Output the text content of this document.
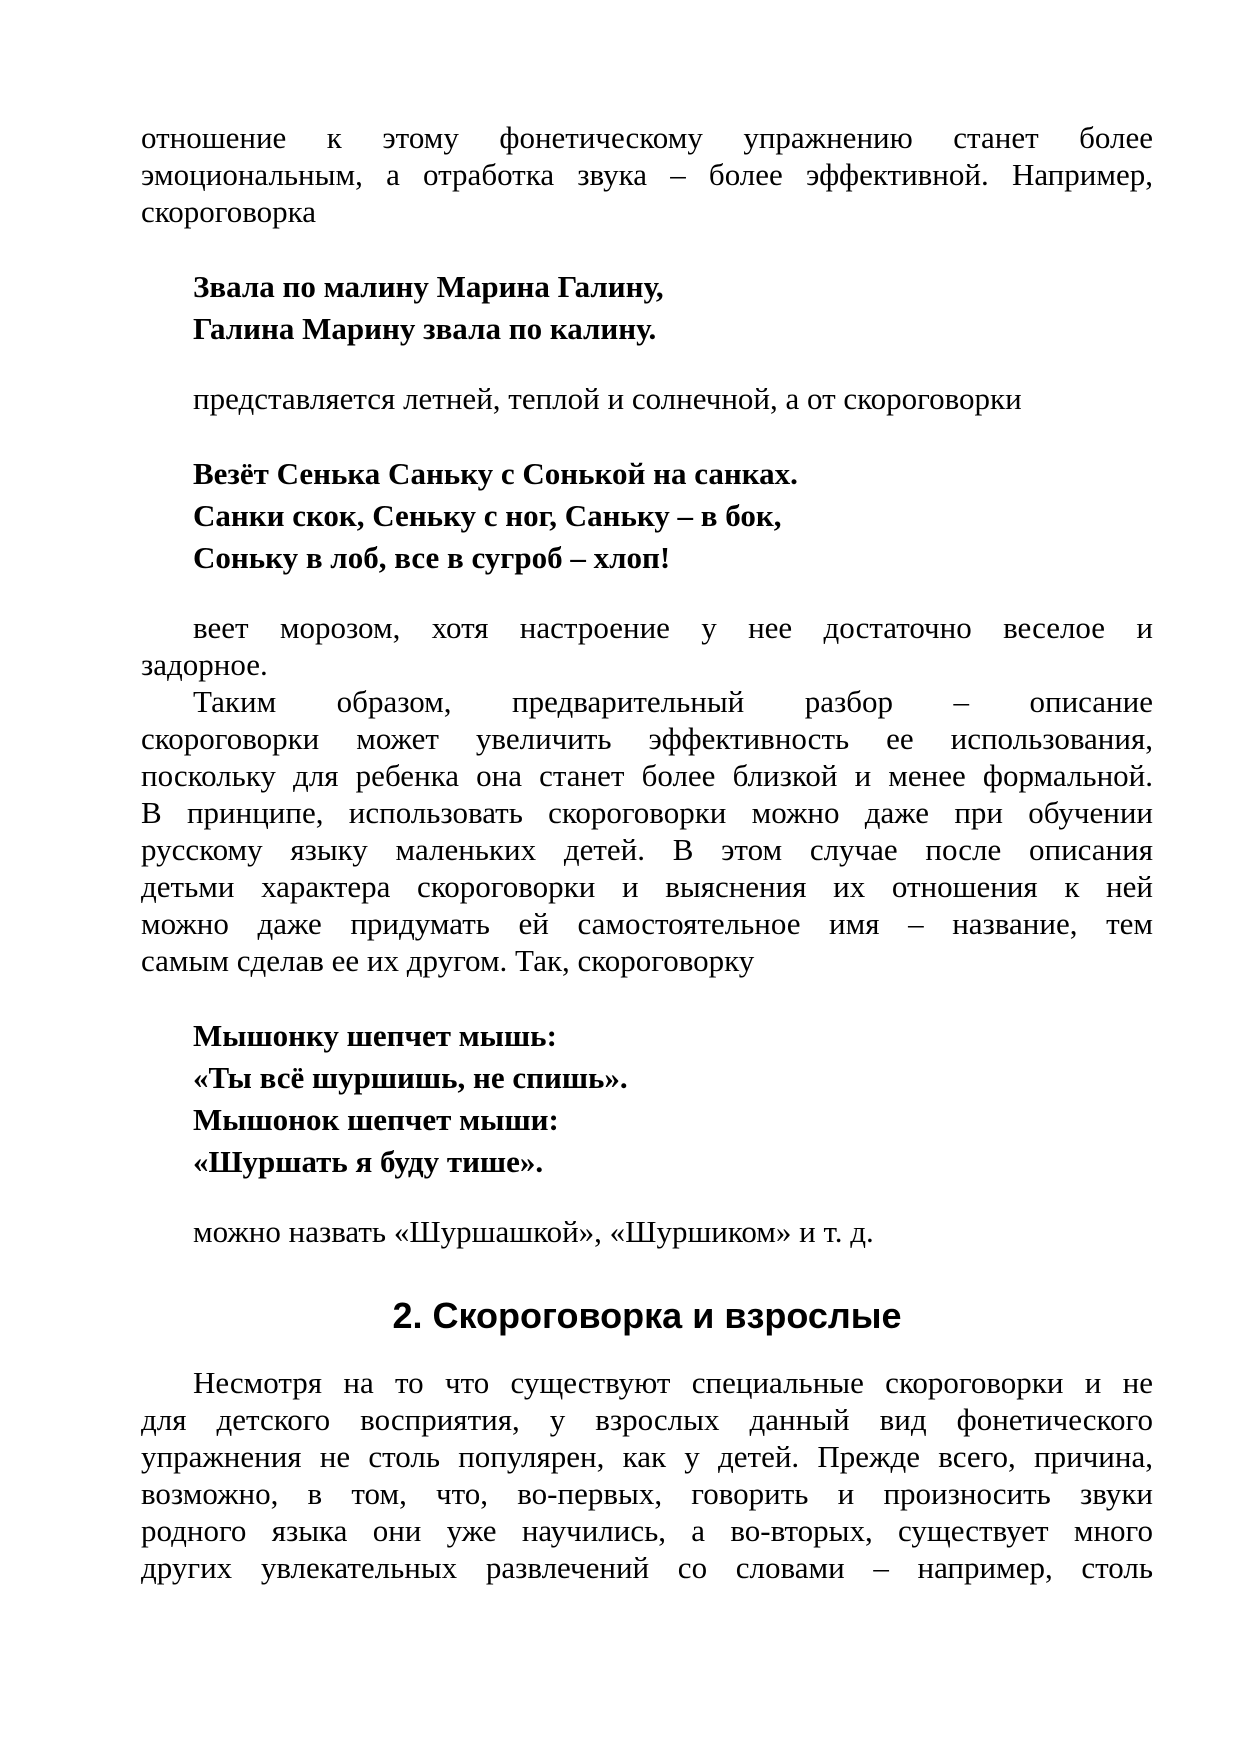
отношение к этому фонетическому упражнению станет более
эмоциональным, а отработка звука – более эффективной. Например,
скороговорка
Звала по малину Марина Галину,
Галина Марину звала по калину.
представляется летней, теплой и солнечной, а от скороговорки
Везёт Сенька Саньку с Сонькой на санках.
Санки скок, Сеньку с ног, Саньку – в бок,
Соньку в лоб, все в сугроб – хлоп!
веет морозом, хотя настроение у нее достаточно веселое и
задорное.
Таким образом, предварительный разбор – описание
скороговорки может увеличить эффективность ее использования,
поскольку для ребенка она станет более близкой и менее формальной.
В принципе, использовать скороговорки можно даже при обучении
русскому языку маленьких детей. В этом случае после описания
детьми характера скороговорки и выяснения их отношения к ней
можно даже придумать ей самостоятельное имя – название, тем
самым сделав ее их другом. Так, скороговорку
Мышонку шепчет мышь:
«Ты всё шуршишь, не спишь».
Мышонок шепчет мыши:
«Шуршать я буду тише».
можно назвать «Шуршашкой», «Шуршиком» и т. д.
2. Скороговорка и взрослые
Несмотря на то что существуют специальные скороговорки и не
для детского восприятия, у взрослых данный вид фонетического
упражнения не столь популярен, как у детей. Прежде всего, причина,
возможно, в том, что, во-первых, говорить и произносить звуки
родного языка они уже научились, а во-вторых, существует много
других увлекательных развлечений со словами – например, столь
